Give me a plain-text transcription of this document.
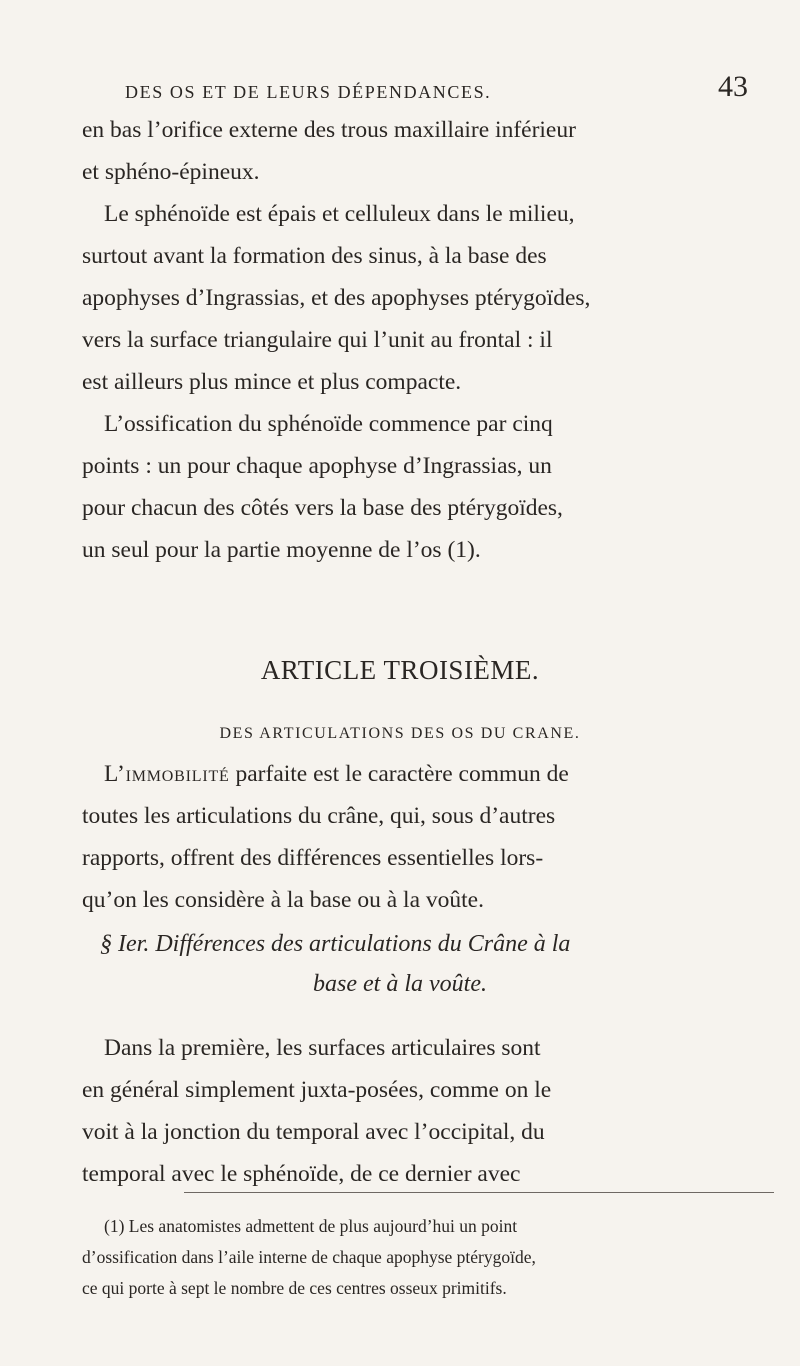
DES OS ET DE LEURS DÉPENDANCES.	43
en bas l’orifice externe des trous maxillaire inférieur
et sphéno-épineux.
Le sphénoïde est épais et celluleux dans le milieu,
surtout avant la formation des sinus, à la base des
apophyses d’Ingrassias, et des apophyses ptérygoïdes,
vers la surface triangulaire qui l’unit au frontal : il
est ailleurs plus mince et plus compacte.
L’ossification du sphénoïde commence par cinq
points : un pour chaque apophyse d’Ingrassias, un
pour chacun des côtés vers la base des ptérygoïdes,
un seul pour la partie moyenne de l’os (1).
ARTICLE TROISIÈME.
DES ARTICULATIONS DES OS DU CRANE.
L’immobilité parfaite est le caractère commun de
toutes les articulations du crâne, qui, sous d’autres
rapports, offrent des différences essentielles lors-
qu’on les considère à la base ou à la voûte.
§ Ier. Différences des articulations du Crâne à la
base et à la voûte.
Dans la première, les surfaces articulaires sont
en général simplement juxta-posées, comme on le
voit à la jonction du temporal avec l’occipital, du
temporal avec le sphénoïde, de ce dernier avec
(1) Les anatomistes admettent de plus aujourd’hui un point
d’ossification dans l’aile interne de chaque apophyse ptérygoïde,
ce qui porte à sept le nombre de ces centres osseux primitifs.
